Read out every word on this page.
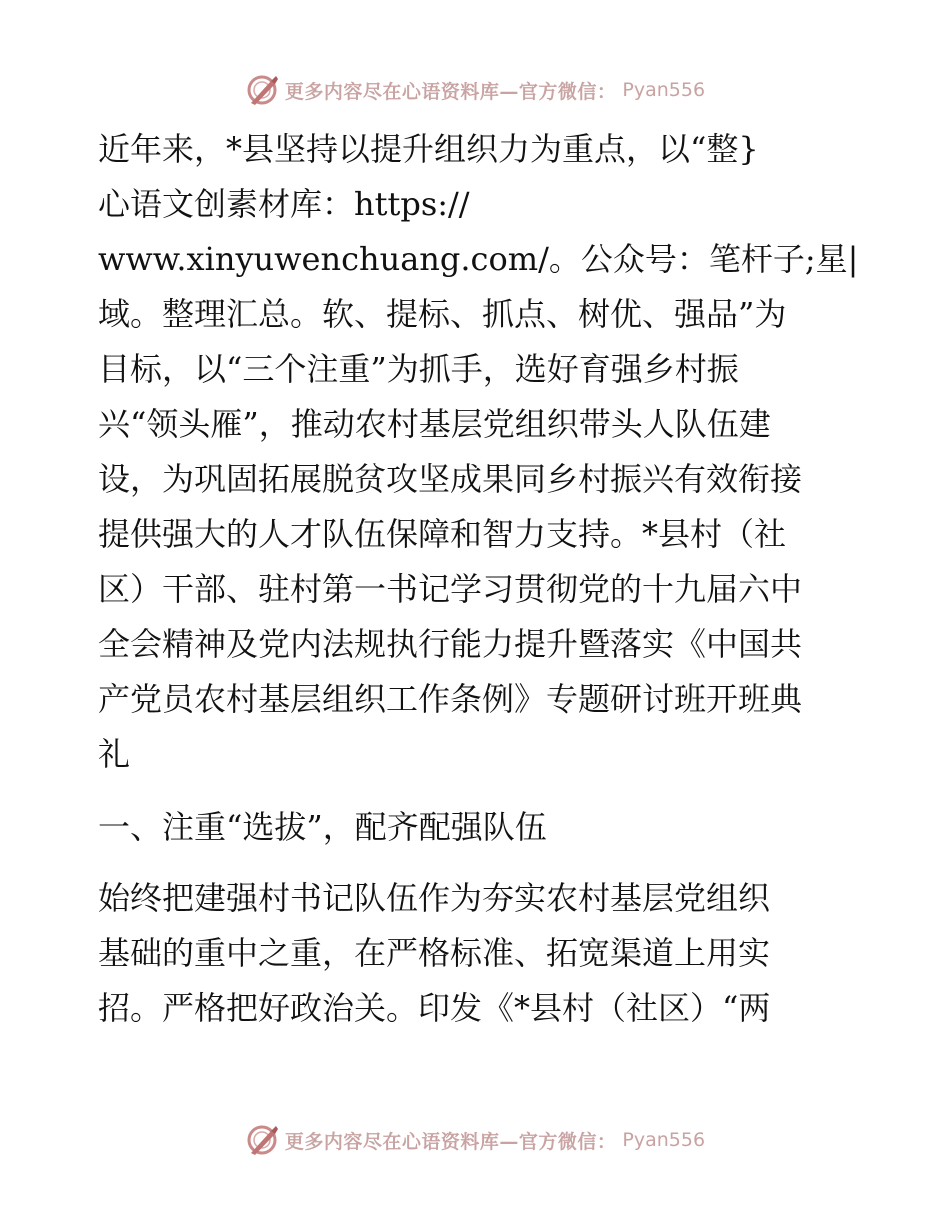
更多内容尽在心语资料库—官方微信： Pyan556
近年来，*县坚持以提升组织力为重点，以“整}
心语文创素材库：https://
www.xinyuwenchuang.com/。公众号：笔杆子;星|
域。整理汇总。软、提标、抓点、树优、强品”为
目标，以“三个注重”为抓手，选好育强乡村振
兴“领头雁”，推动农村基层党组织带头人队伍建
设，为巩固拓展脱贫攻坚成果同乡村振兴有效衔接
提供强大的人才队伍保障和智力支持。*县村（社
区）干部、驻村第一书记学习贯彻党的十九届六中
全会精神及党内法规执行能力提升暨落实《中国共
产党员农村基层组织工作条例》专题研讨班开班典
礼
一、注重“选拔”，配齐配强队伍
始终把建强村书记队伍作为夯实农村基层党组织
基础的重中之重，在严格标准、拓宽渠道上用实
招。严格把好政治关。印发《*县村（社区）“两
更多内容尽在心语资料库—官方微信： Pyan556
